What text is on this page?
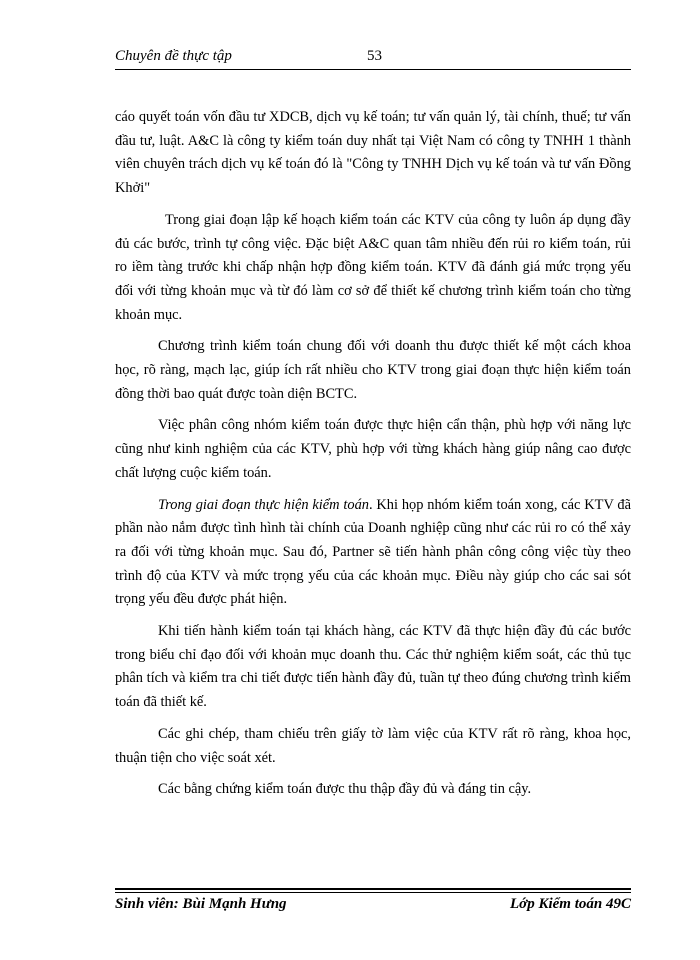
Chuyên đề thực tập	53

cáo quyết toán vốn đầu tư XDCB, dịch vụ kế toán; tư vấn quản lý, tài chính, thuế; tư vấn đầu tư, luật. A&C là công ty kiểm toán duy nhất tại Việt Nam có công ty TNHH 1 thành viên chuyên trách dịch vụ kế toán đó là "Công ty TNHH Dịch vụ kế toán và tư vấn Đồng Khởi"

Trong giai đoạn lập kế hoạch kiểm toán các KTV của công ty luôn áp dụng đầy đủ các bước, trình tự công việc. Đặc biệt A&C quan tâm nhiều đến rủi ro kiểm toán, rủi ro iềm tàng trước khi chấp nhận hợp đồng kiểm toán. KTV đã đánh giá mức trọng yếu đối với từng khoản mục và từ đó làm cơ sở để thiết kế chương trình kiểm toán cho từng khoản mục.

Chương trình kiểm toán chung đối với doanh thu được thiết kế một cách khoa học, rõ ràng, mạch lạc, giúp ích rất nhiều cho KTV trong giai đoạn thực hiện kiểm toán đồng thời bao quát được toàn diện BCTC.

Việc phân công nhóm kiểm toán được thực hiện cẩn thận, phù hợp với năng lực cũng như kinh nghiệm của các KTV, phù hợp với từng khách hàng giúp nâng cao được chất lượng cuộc kiểm toán.

Trong giai đoạn thực hiện kiểm toán. Khi họp nhóm kiểm toán xong, các KTV đã phần nào nắm được tình hình tài chính của Doanh nghiệp cũng như các rủi ro có thể xảy ra đối với từng khoản mục. Sau đó, Partner sẽ tiến hành phân công công việc tùy theo trình độ của KTV và mức trọng yếu của các khoản mục. Điều này giúp cho các sai sót trọng yếu đều được phát hiện.

Khi tiến hành kiểm toán tại khách hàng, các KTV đã thực hiện đầy đủ các bước trong biểu chỉ đạo đối với khoản mục doanh thu. Các thử nghiệm kiểm soát, các thủ tục phân tích và kiểm tra chi tiết được tiến hành đầy đủ, tuần tự theo đúng chương trình kiểm toán đã thiết kế.

Các ghi chép, tham chiếu trên giấy tờ làm việc của KTV rất rõ ràng, khoa học, thuận tiện cho việc soát xét.

Các bằng chứng kiểm toán được thu thập đầy đủ và đáng tin cậy.

Sinh viên: Bùi Mạnh Hưng	Lớp Kiểm toán 49C
